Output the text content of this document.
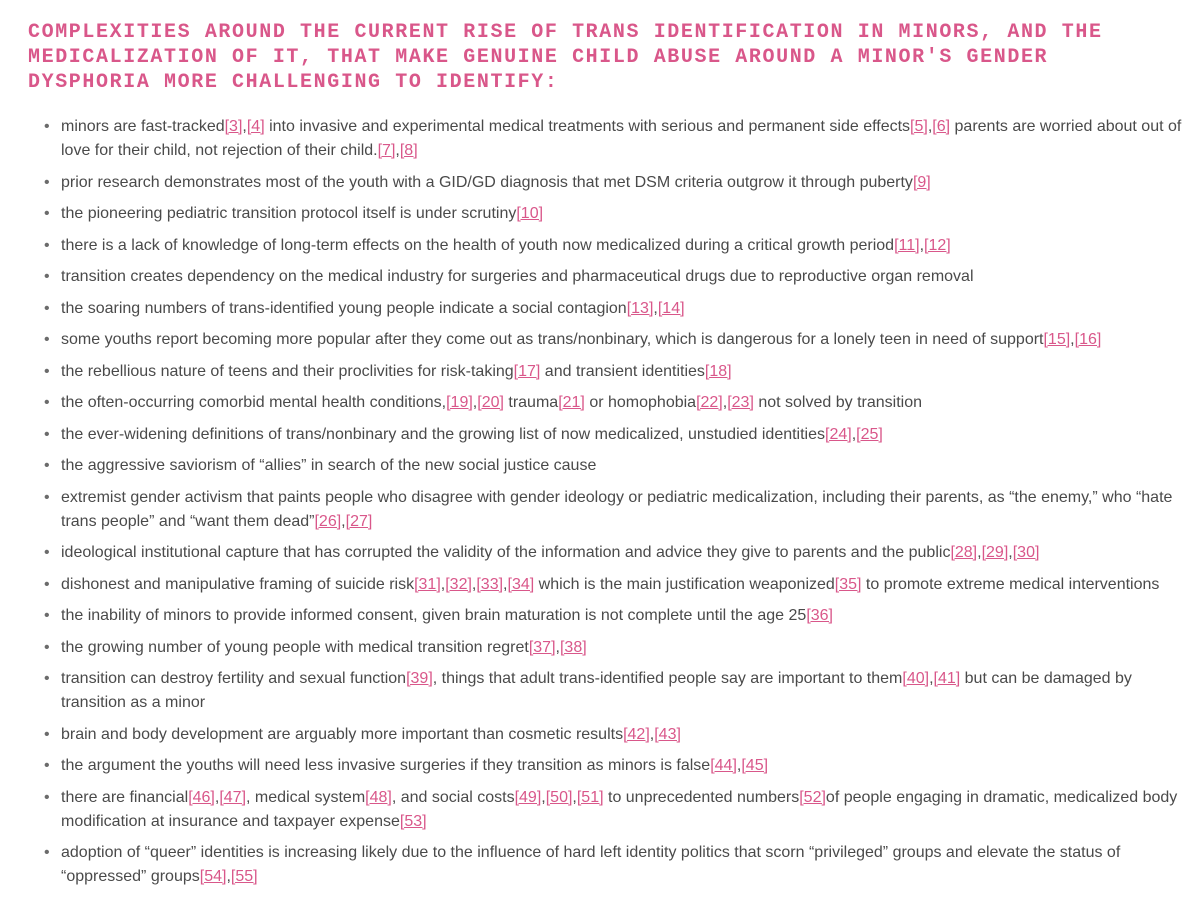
COMPLEXITIES AROUND THE CURRENT RISE OF TRANS IDENTIFICATION IN MINORS, AND THE MEDICALIZATION OF IT, THAT MAKE GENUINE CHILD ABUSE AROUND A MINOR'S GENDER DYSPHORIA MORE CHALLENGING TO IDENTIFY:
• minors are fast-tracked[3],[4] into invasive and experimental medical treatments with serious and permanent side effects[5],[6] parents are worried about out of love for their child, not rejection of their child.[7],[8]
• prior research demonstrates most of the youth with a GID/GD diagnosis that met DSM criteria outgrow it through puberty[9]
• the pioneering pediatric transition protocol itself is under scrutiny[10]
• there is a lack of knowledge of long-term effects on the health of youth now medicalized during a critical growth period[11],[12]
• transition creates dependency on the medical industry for surgeries and pharmaceutical drugs due to reproductive organ removal
• the soaring numbers of trans-identified young people indicate a social contagion[13],[14]
• some youths report becoming more popular after they come out as trans/nonbinary, which is dangerous for a lonely teen in need of support[15],[16]
• the rebellious nature of teens and their proclivities for risk-taking[17] and transient identities[18]
• the often-occurring comorbid mental health conditions,[19],[20] trauma[21] or homophobia[22],[23] not solved by transition
• the ever-widening definitions of trans/nonbinary and the growing list of now medicalized, unstudied identities[24],[25]
• the aggressive saviorism of “allies” in search of the new social justice cause
• extremist gender activism that paints people who disagree with gender ideology or pediatric medicalization, including their parents, as “the enemy,” who “hate trans people” and “want them dead”[26],[27]
• ideological institutional capture that has corrupted the validity of the information and advice they give to parents and the public[28],[29],[30]
• dishonest and manipulative framing of suicide risk[31],[32],[33],[34] which is the main justification weaponized[35] to promote extreme medical interventions
• the inability of minors to provide informed consent, given brain maturation is not complete until the age 25[36]
• the growing number of young people with medical transition regret[37],[38]
• transition can destroy fertility and sexual function[39], things that adult trans-identified people say are important to them[40],[41] but can be damaged by transition as a minor
• brain and body development are arguably more important than cosmetic results[42],[43]
• the argument the youths will need less invasive surgeries if they transition as minors is false[44],[45]
• there are financial[46],[47], medical system[48], and social costs[49],[50],[51] to unprecedented numbers[52]of people engaging in dramatic, medicalized body modification at insurance and taxpayer expense[53]
• adoption of “queer” identities is increasing likely due to the influence of hard left identity politics that scorn “privileged” groups and elevate the status of “oppressed” groups[54],[55]
